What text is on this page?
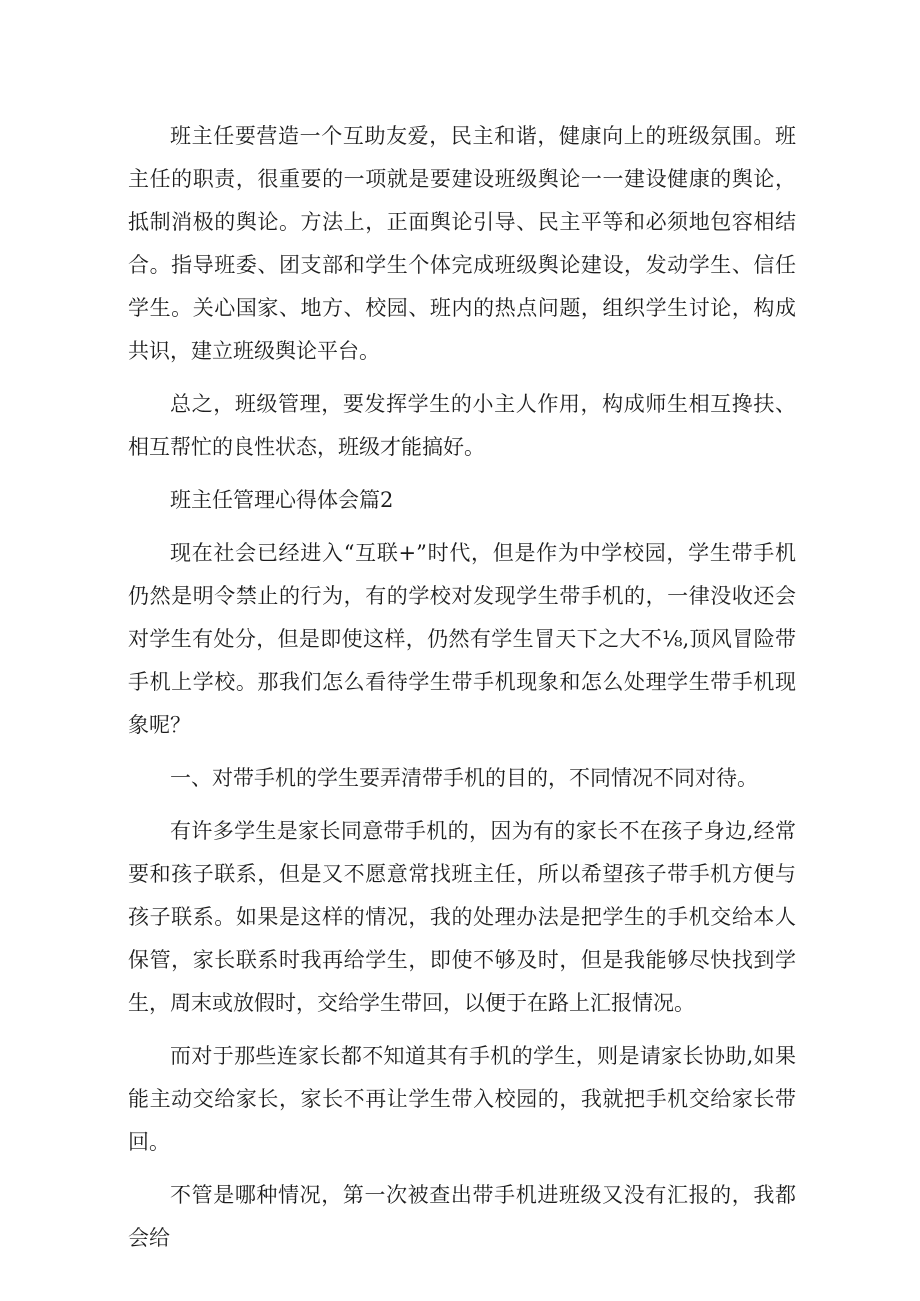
班主任要营造一个互助友爱，民主和谐，健康向上的班级氛围。班主任的职责，很重要的一项就是要建设班级舆论一一建设健康的舆论，抵制消极的舆论。方法上，正面舆论引导、民主平等和必须地包容相结合。指导班委、团支部和学生个体完成班级舆论建设，发动学生、信任学生。关心国家、地方、校园、班内的热点问题，组织学生讨论，构成共识，建立班级舆论平台。

总之，班级管理，要发挥学生的小主人作用，构成师生相互搀扶、相互帮忙的良性状态，班级才能搞好。

班主任管理心得体会篇2

现在社会已经进入“互联+”时代，但是作为中学校园，学生带手机仍然是明令禁止的行为，有的学校对发现学生带手机的，一律没收还会对学生有处分，但是即使这样，仍然有学生冒天下之大不⅛,顶风冒险带手机上学校。那我们怎么看待学生带手机现象和怎么处理学生带手机现象呢？

一、对带手机的学生要弄清带手机的目的，不同情况不同对待。

有许多学生是家长同意带手机的，因为有的家长不在孩子身边,经常要和孩子联系，但是又不愿意常找班主任，所以希望孩子带手机方便与孩子联系。如果是这样的情况，我的处理办法是把学生的手机交给本人保管，家长联系时我再给学生，即使不够及时，但是我能够尽快找到学生，周末或放假时，交给学生带回，以便于在路上汇报情况。

而对于那些连家长都不知道其有手机的学生，则是请家长协助,如果能主动交给家长，家长不再让学生带入校园的，我就把手机交给家长带回。

不管是哪种情况，第一次被查出带手机进班级又没有汇报的，我都会给
